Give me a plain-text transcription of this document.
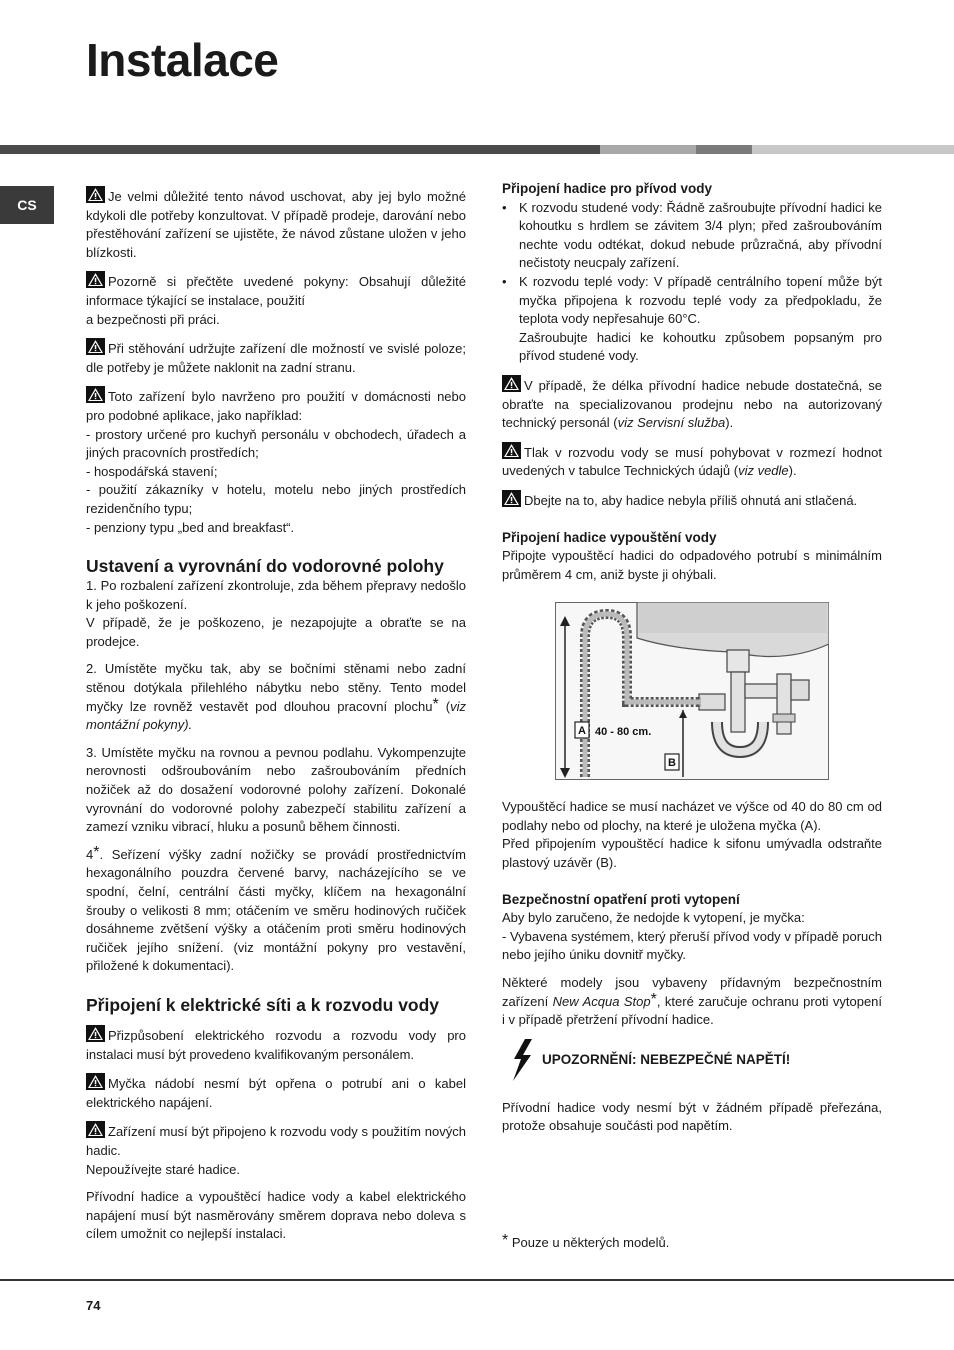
Instalace
CS

Je velmi důležité tento návod uschovat, aby jej bylo možné kdykoli dle potřeby konzultovat. V případě prodeje, darování nebo přestěhování zařízení se ujistěte, že návod zůstane uložen v jeho blízkosti.

Pozorně si přečtěte uvedené pokyny: Obsahují důležité informace týkající se instalace, použití

a bezpečnosti při práci.

Při stěhování udržujte zařízení dle možností ve svislé poloze; dle potřeby je můžete naklonit na zadní stranu.

Toto zařízení bylo navrženo pro použití v domácnosti nebo pro podobné aplikace, jako například:

- prostory určené pro kuchyň personálu v obchodech, úřadech a jiných pracovních prostředích;

- hospodářská stavení;

- použití zákazníky v hotelu, motelu nebo jiných prostředích rezidenčního typu;

- penziony typu „bed and breakfast“.

Ustavení a vyrovnání do vodorovné polohy

1. Po rozbalení zařízení zkontroluje, zda během přepravy nedošlo k jeho poškození.

V případě, že je poškozeno, je nezapojujte a obraťte se na prodejce.

2. Umístěte myčku tak, aby se bočními stěnami nebo zadní stěnou dotýkala přilehlého nábytku nebo stěny. Tento model myčky lze rovněž vestavět pod dlouhou pracovní plochu* (viz montážní pokyny).

3. Umístěte myčku na rovnou a pevnou podlahu. Vykompenzujte nerovnosti odšroubováním nebo zašroubováním předních nožiček až do dosažení vodorovné polohy zařízení. Dokonalé vyrovnání do vodorovné polohy zabezpečí stabilitu zařízení a zamezí vzniku vibrací, hluku a posunů během činnosti.

4*. Seřízení výšky zadní nožičky se provádí prostřednictvím hexagonálního pouzdra červené barvy, nacházejícího se ve spodní, čelní, centrální části myčky, klíčem na hexagonální šrouby o velikosti 8 mm; otáčením ve směru hodinových ručiček dosáhneme zvětšení výšky a otáčením proti směru hodinových ručiček jejího snížení. (viz montážní pokyny pro vestavění, přiložené k dokumentaci).

Připojení k elektrické síti a k rozvodu vody

Přizpůsobení elektrického rozvodu a rozvodu vody pro instalaci musí být provedeno kvalifikovaným personálem.

Myčka nádobí nesmí být opřena o potrubí ani o kabel elektrického napájení.

Zařízení musí být připojeno k rozvodu vody s použitím nových hadic.

Nepoužívejte staré hadice.

Přívodní hadice a vypouštěcí hadice vody a kabel elektrického napájení musí být nasměrovány směrem doprava nebo doleva s cílem umožnit co nejlepší instalaci.

Připojení hadice pro přívod vody
• K rozvodu studené vody: Řádně zašroubujte přívodní hadici ke kohoutku s hrdlem se závitem 3/4 plyn; před zašroubováním nechte vodu odtékat, dokud nebude průzračná, aby přívodní nečistoty neucpaly zařízení.
• K rozvodu teplé vody: V případě centrálního topení může být myčka připojena k rozvodu teplé vody za předpokladu, že teplota vody nepřesahuje 60°C.
Zašroubujte hadici ke kohoutku způsobem popsaným pro přívod studené vody.

V případě, že délka přívodní hadice nebude dostatečná, se obraťte na specializovanou prodejnu nebo na autorizovaný technický personál (viz Servisní služba).

Tlak v rozvodu vody se musí pohybovat v rozmezí hodnot uvedených v tabulce Technických údajů (viz vedle).

Dbejte na to, aby hadice nebyla příliš ohnutá ani stlačená.

Připojení hadice vypouštění vody

Připojte vypouštěcí hadici do odpadového potrubí s minimálním průměrem 4 cm, aniž byste ji ohýbali.

A 40 - 80 cm.
B

Vypouštěcí hadice se musí nacházet ve výšce od 40 do 80 cm od podlahy nebo od plochy, na které je uložena myčka (A).

Před připojením vypouštěcí hadice k sifonu umývadla odstraňte plastový uzávěr (B).

Bezpečnostní opatření proti vytopení

Aby bylo zaručeno, že nedojde k vytopení, je myčka:

- Vybavena systémem, který přeruší přívod vody v případě poruch nebo jejího úniku dovnitř myčky.

Některé modely jsou vybaveny přídavným bezpečnostním zařízení New Acqua Stop*, které zaručuje ochranu proti vytopení i v případě přetržení přívodní hadice.

UPOZORNĚNÍ: NEBEZPEČNÉ NAPĚTÍ!

Přívodní hadice vody nesmí být v žádném případě přeřezána, protože obsahuje součásti pod napětím.

* Pouze u některých modelů.
74
